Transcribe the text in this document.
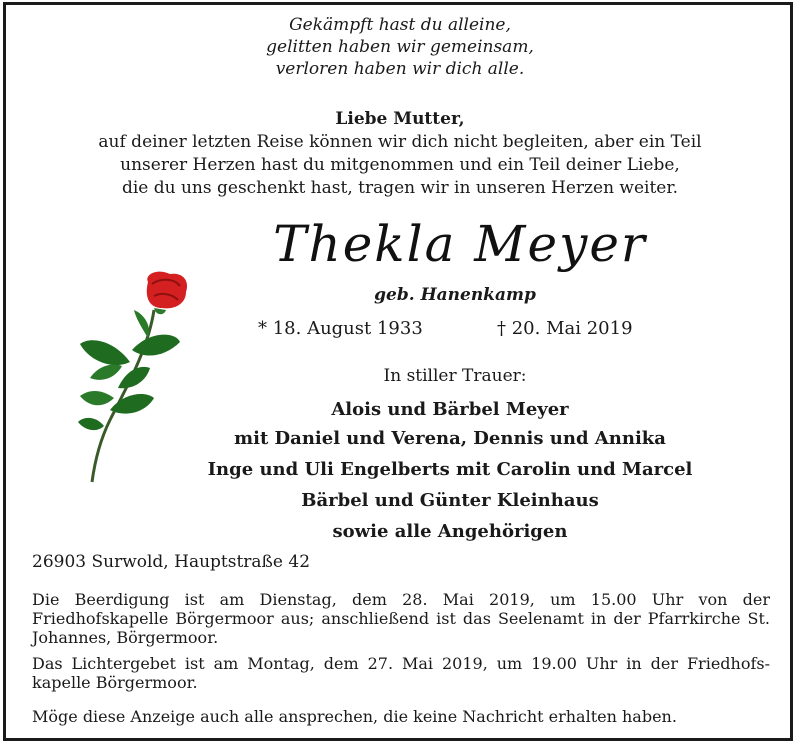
Gekämpft hast du alleine,
gelitten haben wir gemeinsam,
verloren haben wir dich alle.
Liebe Mutter,
auf deiner letzten Reise können wir dich nicht begleiten, aber ein Teil
unserer Herzen hast du mitgenommen und ein Teil deiner Liebe,
die du uns geschenkt hast, tragen wir in unseren Herzen weiter.
Thekla Meyer
geb. Hanenkamp
* 18. August 1933	† 20. Mai 2019
In stiller Trauer:
Alois und Bärbel Meyer
mit Daniel und Verena, Dennis und Annika
Inge und Uli Engelberts mit Carolin und Marcel
Bärbel und Günter Kleinhaus
sowie alle Angehörigen
26903 Surwold, Hauptstraße 42
Die Beerdigung ist am Dienstag, dem 28. Mai 2019, um 15.00 Uhr von der Friedhofskapelle Börgermoor aus; anschließend ist das Seelenamt in der Pfarrkirche St. Johannes, Börgermoor.
Das Lichtergebet ist am Montag, dem 27. Mai 2019, um 19.00 Uhr in der Friedhofs-kapelle Börgermoor.
Möge diese Anzeige auch alle ansprechen, die keine Nachricht erhalten haben.
